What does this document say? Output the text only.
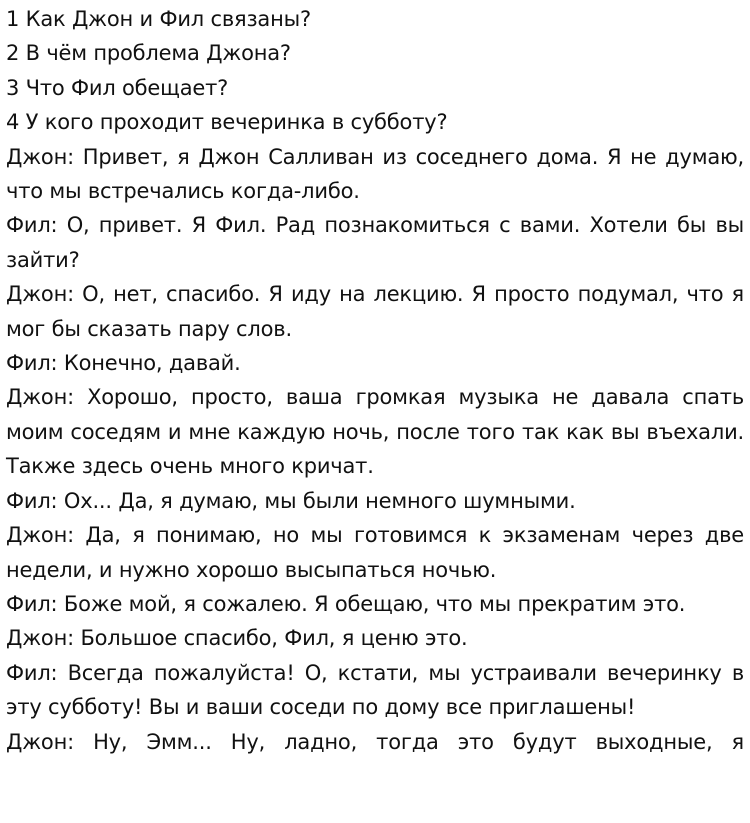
1 Как Джон и Фил связаны?

2 В чём проблема Джона?

3 Что Фил обещает?

4 У кого проходит вечеринка в субботу?

Джон: Привет, я Джон Салливан из соседнего дома. Я не думаю, что мы встречались когда-либо.

Фил: О, привет. Я Фил. Рад познакомиться с вами. Хотели бы вы зайти?

Джон: О, нет, спасибо. Я иду на лекцию. Я просто подумал, что я мог бы сказать пару слов.

Фил: Конечно, давай.

Джон: Хорошо, просто, ваша громкая музыка не давала спать моим соседям и мне каждую ночь, после того так как вы въехали. Также здесь очень много кричат.

Фил: Ох... Да, я думаю, мы были немного шумными.

Джон: Да, я понимаю, но мы готовимся к экзаменам через две недели, и нужно хорошо высыпаться ночью.

Фил: Боже мой, я сожалею. Я обещаю, что мы прекратим это.

Джон: Большое спасибо, Фил, я ценю это.

Фил: Всегда пожалуйста! О, кстати, мы устраивали вечеринку в эту субботу! Вы и ваши соседи по дому все приглашены!

Джон: Ну, Эмм... Ну, ладно, тогда это будут выходные, я
